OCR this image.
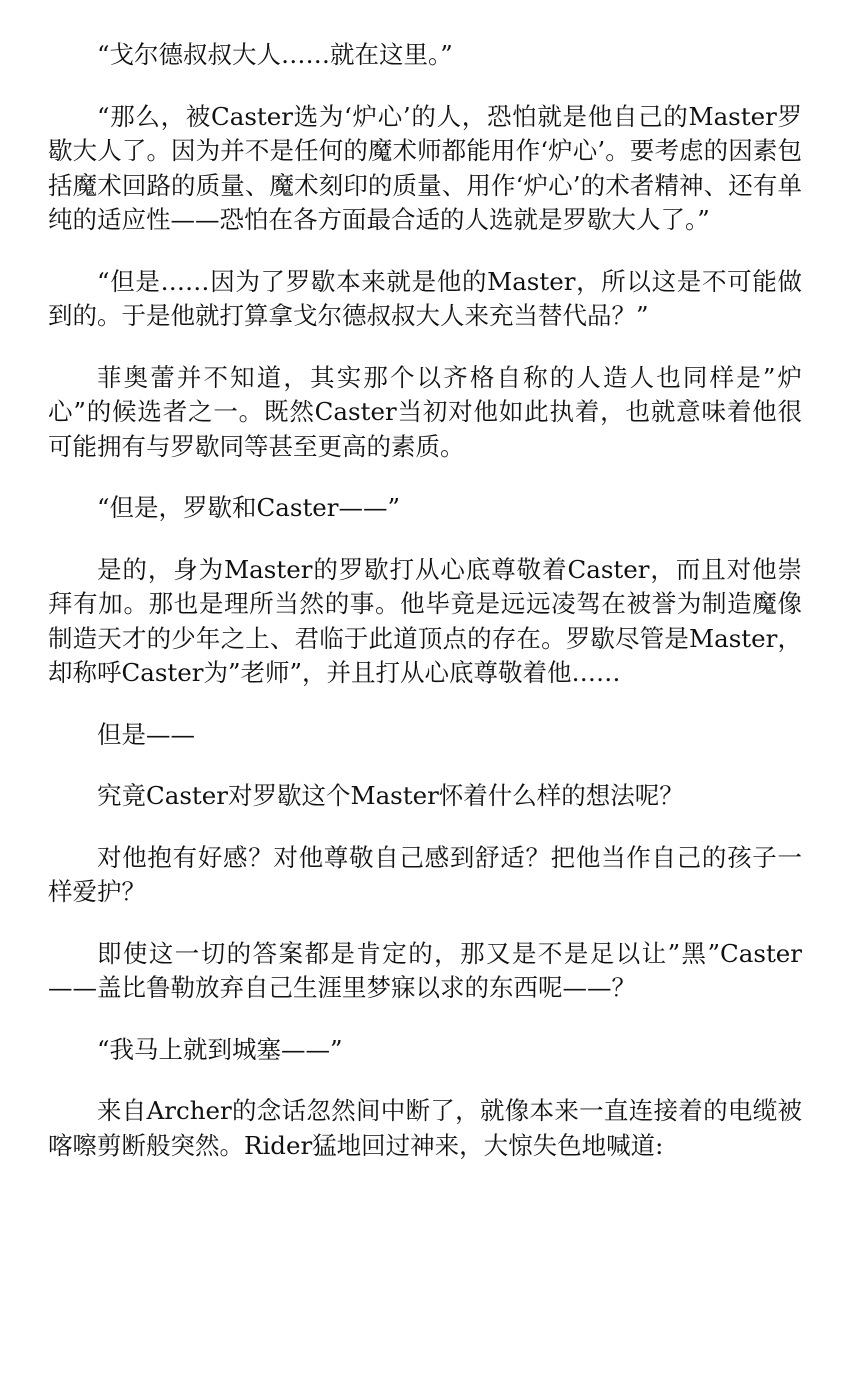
“戈尔德叔叔大人……就在这里。”

“那么，被Caster选为‘炉心’的人，恐怕就是他自己的Master罗歇大人了。因为并不是任何的魔术师都能用作‘炉心’。要考虑的因素包括魔术回路的质量、魔术刻印的质量、用作‘炉心’的术者精神、还有单纯的适应性——恐怕在各方面最合适的人选就是罗歇大人了。”

“但是……因为了罗歇本来就是他的Master，所以这是不可能做到的。于是他就打算拿戈尔德叔叔大人来充当替代品？”

菲奥蕾并不知道，其实那个以齐格自称的人造人也同样是”炉心”的候选者之一。既然Caster当初对他如此执着，也就意味着他很可能拥有与罗歇同等甚至更高的素质。

“但是，罗歇和Caster——”

是的，身为Master的罗歇打从心底尊敬着Caster，而且对他崇拜有加。那也是理所当然的事。他毕竟是远远凌驾在被誉为制造魔像制造天才的少年之上、君临于此道顶点的存在。罗歇尽管是Master，却称呼Caster为”老师”，并且打从心底尊敬着他……

但是——

究竟Caster对罗歇这个Master怀着什么样的想法呢？

对他抱有好感？对他尊敬自己感到舒适？把他当作自己的孩子一样爱护？

即使这一切的答案都是肯定的，那又是不是足以让”黑”Caster——盖比鲁勒放弃自己生涯里梦寐以求的东西呢——？

“我马上就到城塞——”

来自Archer的念话忽然间中断了，就像本来一直连接着的电缆被喀嚓剪断般突然。Rider猛地回过神来，大惊失色地喊道:
